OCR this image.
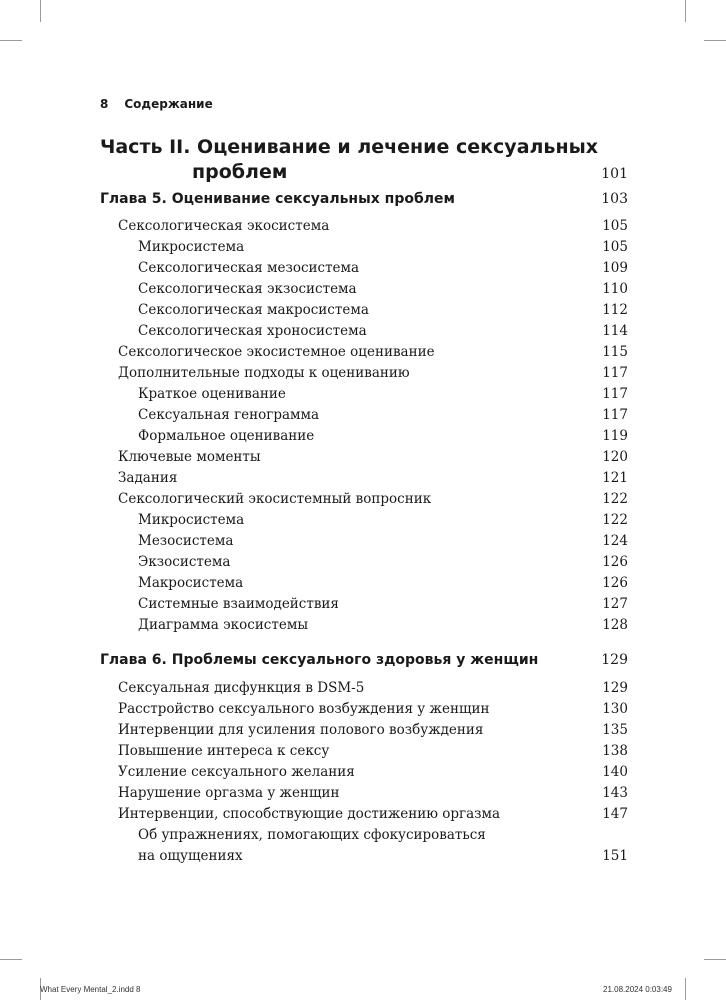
8 Содержание
Часть II. Оценивание и лечение сексуальных
проблем	101
Глава 5. Оценивание сексуальных проблем	103
Сексологическая экосистема	105
Микросистема	105
Сексологическая мезосистема	109
Сексологическая экзосистема	110
Сексологическая макросистема	112
Сексологическая хроносистема	114
Сексологическое экосистемное оценивание	115
Дополнительные подходы к оцениванию	117
Краткое оценивание	117
Сексуальная генограмма	117
Формальное оценивание	119
Ключевые моменты	120
Задания	121
Сексологический экосистемный вопросник	122
Микросистема	122
Мезосистема	124
Экзосистема	126
Макросистема	126
Системные взаимодействия	127
Диаграмма экосистемы	128
Глава 6. Проблемы сексуального здоровья у женщин	129
Сексуальная дисфункция в DSM-5	129
Расстройство сексуального возбуждения у женщин	130
Интервенции для усиления полового возбуждения	135
Повышение интереса к сексу	138
Усиление сексуального желания	140
Нарушение оргазма у женщин	143
Интервенции, способствующие достижению оргазма	147
Об упражнениях, помогающих сфокусироваться
на ощущениях	151
What Every Mental_2.indd 8	21.08.2024 0:03:49
